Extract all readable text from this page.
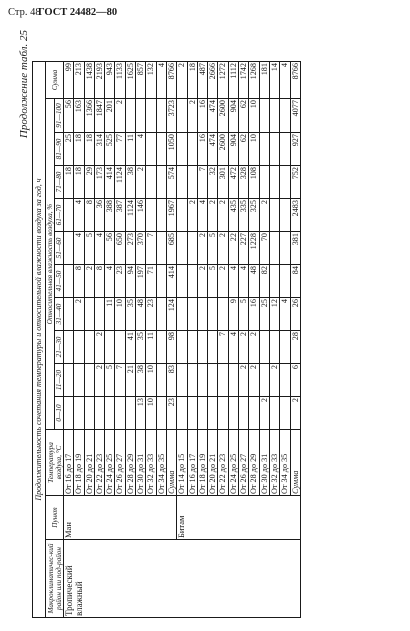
Стр. 48
ГОСТ 24482—80
Продолжение табл. 25
Продолжительность сочетания температуры и относительной влажности воздуха за год, ч													
Макроклиматичес-кий район или под-район	Пункт	Температура воздуха, °С	Относительная влажность воздуха, %										Сумма
			0—10	11—20	21—30	31—40	41—50	51—60	61—70	71—80	81—90	91—100	
Тропический влажный	Ман	От 16 до 17								18	25	56	99
		От 18 до 19				2	8	4	4	18	18	163	213
		От 20 до 21					2	5	8	29	18	1366	1438
		От 22 до 23		2	2		8	4	36	173	314	1847	2193
		От 24 до 25		5		11	4	56	388	414	525	201	943
		От 26 до 27		7		10	23	650	387	1124	77	2	1133
		От 28 до 29		21	41	35	94	273	1124	38	11		1625
		От 30 до 31	13	38	35	48	197	370	146	2	4		857
		От 32 до 33	10	10	11	23	71	7					132
		От 34 до 35											4
		Сумма	23	83	98	124	414	685	1967	574	1050	3723	8766
	Битам	От 14 до 15											2
		От 16 до 17							2			2	18
		От 18 до 19					2	2	4	7	16	16	487
		От 20 до 21					5	5	2	32	474	474	2666
		От 22 до 23			7		2	2	2	301	2600	2600	1272
		От 24 до 25			4	9	4	22	435	472	904	904	1112
		От 26 до 27		2	2	5	4	227	335	328	62	62	1742
		От 28 до 29		2	2	16	48	1228	325	108	10	10	1268
		От 30 до 31	2			25	82	70	2				181
		От 32 до 33		2		12							14
		От 34 до 35				4							4
		Сумма	2	6	28	26	84	381	2483	752	927	4077	8766
